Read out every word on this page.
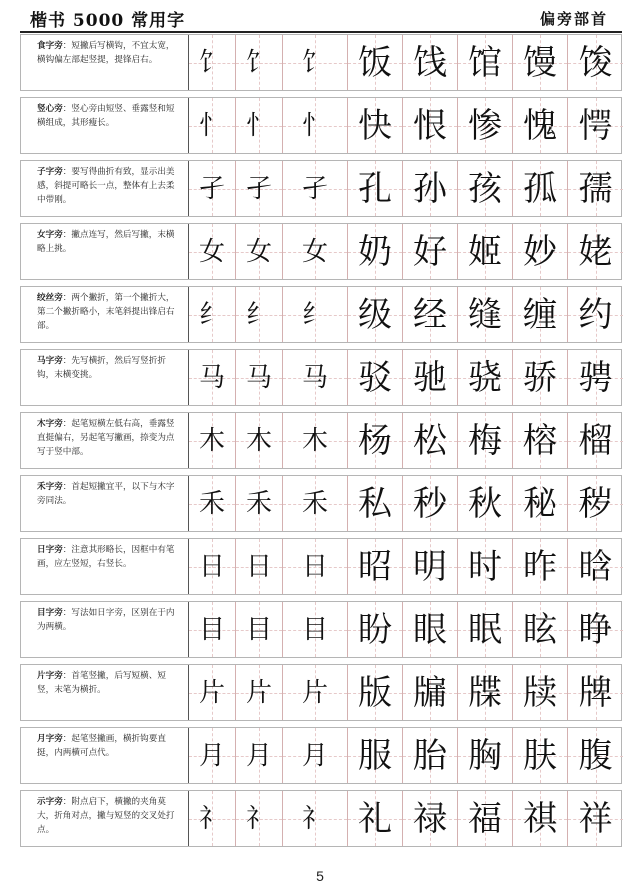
楷书 5000 常用字	偏旁部首
食字旁：短撇后写横钩，不宜太宽，横钩偏左部起竖提，提锋启右。	饣 饣 饣 饭 饯 馆 馒 馂
竖心旁：竖心旁由短竖、垂露竖和短横组成，其形瘦长。	忄 忄 忄 快 恨 惨 愧 愕
子字旁：要写得曲折有致，显示出美感，斜提可略长一点，整体有上去柔中带刚。	孑 孑 孑 孔 孙 孩 孤 孺
女字旁：撇点连写，然后写撇，末横略上挑。	女 女 女 奶 好 姬 妙 姥
绞丝旁：两个撇折，第一个撇折大，第二个撇折略小，末笔斜提出锋启右部。	纟 纟 纟 级 经 缝 缠 约
马字旁：先写横折，然后写竖折折钩，末横变挑。	马 马 马 驳 驰 骁 骄 骋
木字旁：起笔短横左低右高，垂露竖直挺偏右，另起笔写撇画，捺变为点写于竖中部。	木 木 木 杨 松 梅 榕 榴
禾字旁：首起短撇宜平，以下与木字旁同法。	禾 禾 禾 私 秒 秋 秘 秽
日字旁：注意其形略长，因框中有笔画，应左竖短，右竖长。	日 日 日 昭 明 时 昨 晗
目字旁：写法如日字旁，区别在于内为两横。	目 目 目 盼 眼 眠 眩 睁
片字旁：首笔竖撇，后写短横、短竖，末笔为横折。	片 片 片 版 牖 牒 牍 牌
月字旁：起笔竖撇画，横折钩要直挺，内两横可点代。	月 月 月 服 胎 胸 肤 腹
示字旁：附点启下，横撇的夹角莫大，折角对点，撇与短竖的交叉处打点。	礻 礻 礻 礼 禄 福 祺 祥
5
